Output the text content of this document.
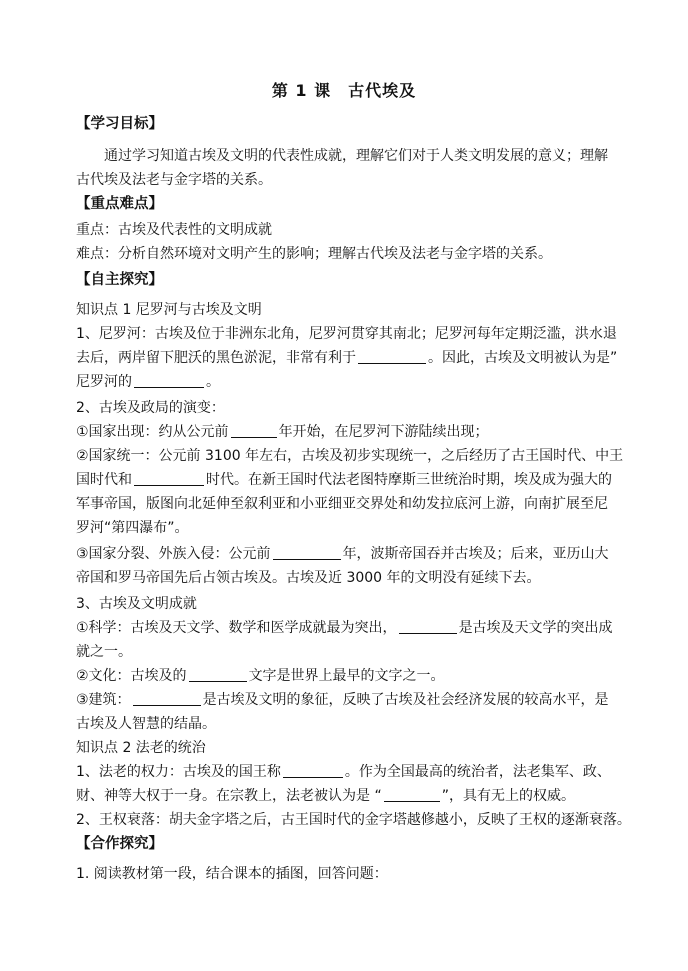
第 1 课　古代埃及
【学习目标】
通过学习知道古埃及文明的代表性成就，理解它们对于人类文明发展的意义；理解
古代埃及法老与金字塔的关系。
【重点难点】
重点：古埃及代表性的文明成就
难点：分析自然环境对文明产生的影响；理解古代埃及法老与金字塔的关系。
【自主探究】
知识点 1 尼罗河与古埃及文明
1、尼罗河：古埃及位于非洲东北角，尼罗河贯穿其南北；尼罗河每年定期泛滥，洪水退
去后，两岸留下肥沃的黑色淤泥，非常有利于	。因此，古埃及文明被认为是”
尼罗河的	。
2、古埃及政局的演变：
①国家出现：约从公元前	年开始，在尼罗河下游陆续出现；
②国家统一：公元前 3100 年左右，古埃及初步实现统一，之后经历了古王国时代、中王
国时代和	时代。在新王国时代法老图特摩斯三世统治时期，埃及成为强大的
军事帝国，版图向北延伸至叙利亚和小亚细亚交界处和幼发拉底河上游，向南扩展至尼
罗河“第四瀑布”。
③国家分裂、外族入侵：公元前	年，波斯帝国吞并古埃及；后来，亚历山大
帝国和罗马帝国先后占领古埃及。古埃及近 3000 年的文明没有延续下去。
3、古埃及文明成就
①科学：古埃及天文学、数学和医学成就最为突出，	是古埃及天文学的突出成
就之一。
②文化：古埃及的	文字是世界上最早的文字之一。
③建筑：	是古埃及文明的象征，反映了古埃及社会经济发展的较高水平，是
古埃及人智慧的结晶。
知识点 2 法老的统治
1、法老的权力：古埃及的国王称	。作为全国最高的统治者，法老集军、政、
财、神等大权于一身。在宗教上，法老被认为是 “	”，具有无上的权威。
2、王权衰落：胡夫金字塔之后，古王国时代的金字塔越修越小，反映了王权的逐渐衰落。
【合作探究】
1. 阅读教材第一段，结合课本的插图，回答问题：
